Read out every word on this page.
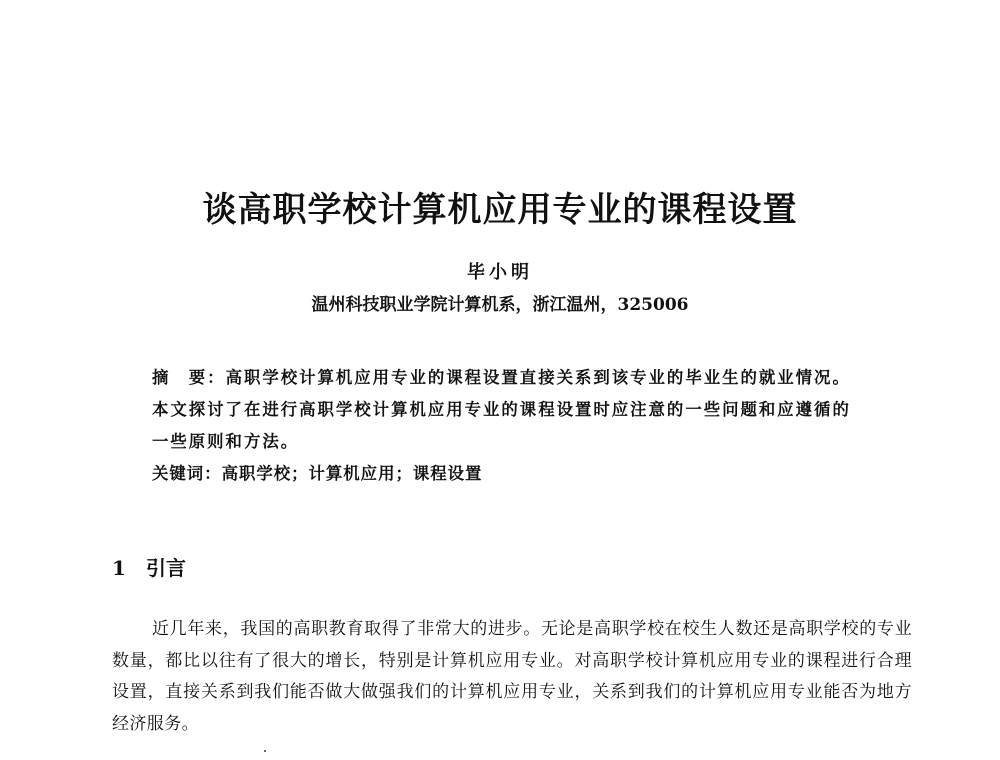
谈高职学校计算机应用专业的课程设置
毕小明
温州科技职业学院计算机系，浙江温州，325006
摘　要：高职学校计算机应用专业的课程设置直接关系到该专业的毕业生的就业情况。本文探讨了在进行高职学校计算机应用专业的课程设置时应注意的一些问题和应遵循的一些原则和方法。
关键词：高职学校；计算机应用；课程设置
1 引言
近几年来，我国的高职教育取得了非常大的进步。无论是高职学校在校生人数还是高职学校的专业数量，都比以往有了很大的增长，特别是计算机应用专业。对高职学校计算机应用专业的课程进行合理设置，直接关系到我们能否做大做强我们的计算机应用专业，关系到我们的计算机应用专业能否为地方经济服务。
